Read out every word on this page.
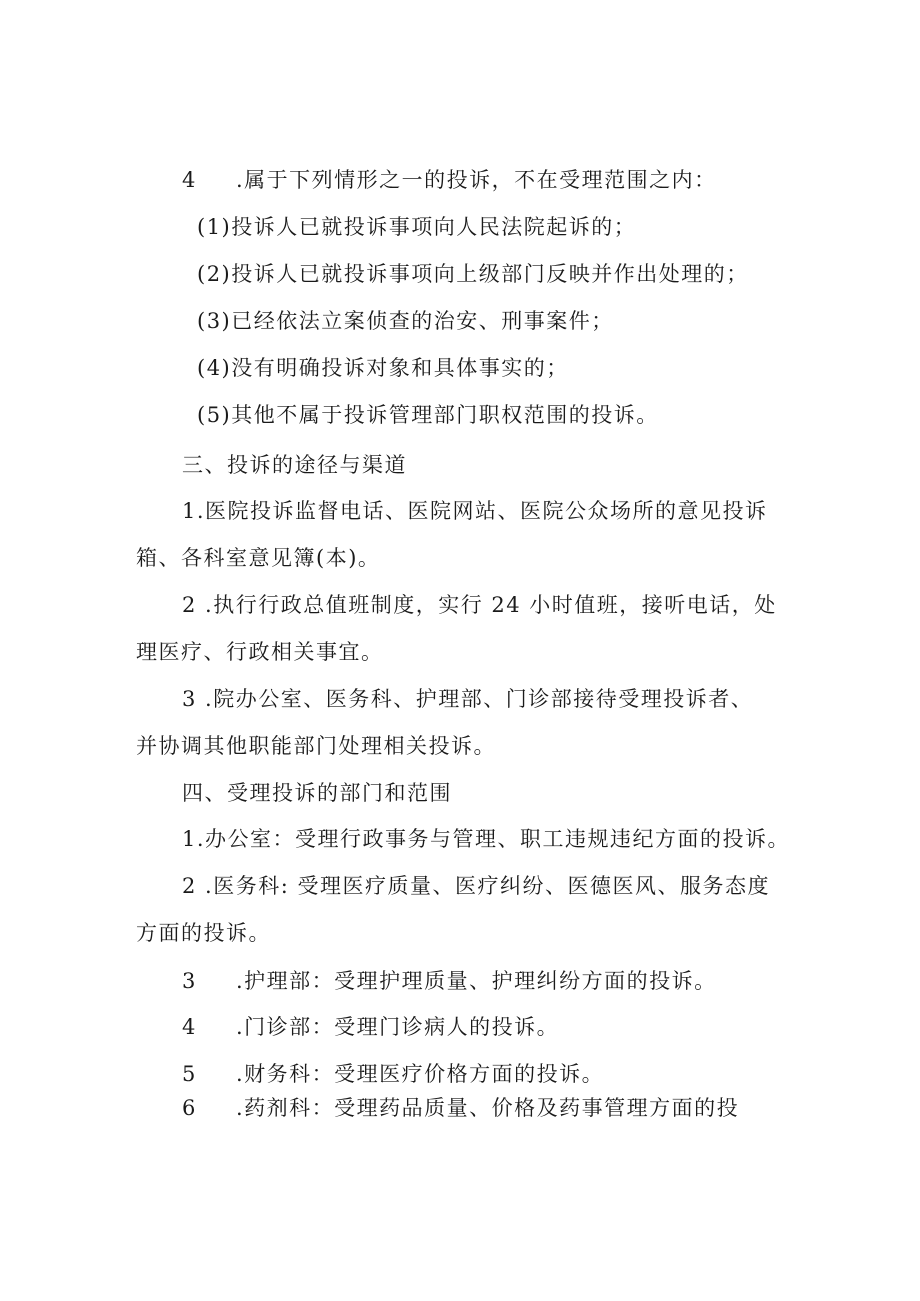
4 .属于下列情形之一的投诉，不在受理范围之内：
(1)投诉人已就投诉事项向人民法院起诉的；
(2)投诉人已就投诉事项向上级部门反映并作出处理的；
(3)已经依法立案侦查的治安、刑事案件；
(4)没有明确投诉对象和具体事实的；
(5)其他不属于投诉管理部门职权范围的投诉。
三、投诉的途径与渠道
1.医院投诉监督电话、医院网站、医院公众场所的意见投诉
箱、各科室意见簿(本)。
2 .执行行政总值班制度，实行 24 小时值班，接听电话，处
理医疗、行政相关事宜。
3 .院办公室、医务科、护理部、门诊部接待受理投诉者、
并协调其他职能部门处理相关投诉。
四、受理投诉的部门和范围
1.办公室：受理行政事务与管理、职工违规违纪方面的投诉。
2 .医务科: 受理医疗质量、医疗纠纷、医德医风、服务态度
方面的投诉。
3 .护理部：受理护理质量、护理纠纷方面的投诉。
4 .门诊部：受理门诊病人的投诉。
5 .财务科：受理医疗价格方面的投诉。
6 .药剂科：受理药品质量、价格及药事管理方面的投
